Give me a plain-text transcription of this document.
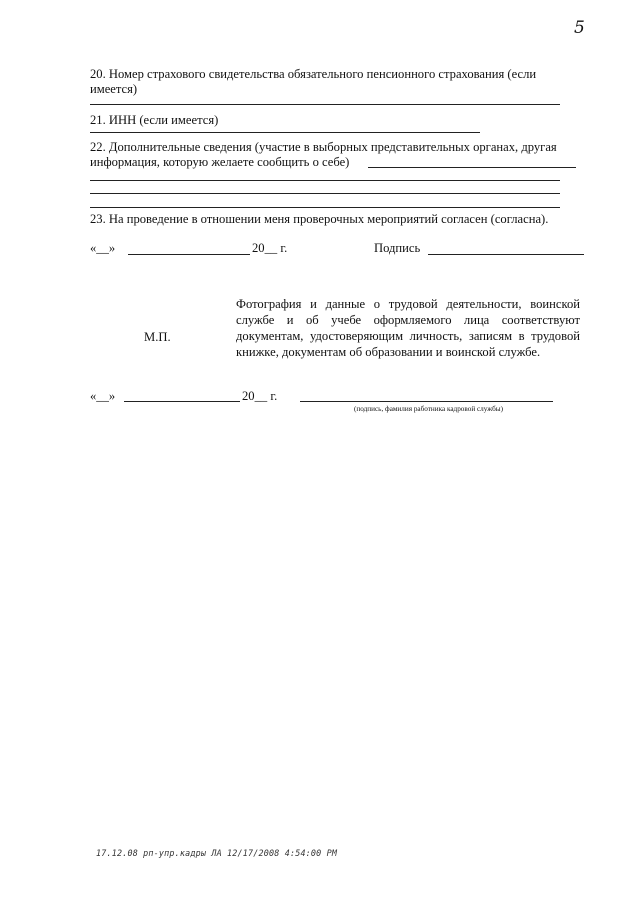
5
20. Номер страхового свидетельства обязательного пенсионного страхования (если
имеется)
21. ИНН (если имеется)
22. Дополнительные сведения (участие в выборных представительных органах, другая
информация, которую желаете сообщить о себе)
23. На проведение в отношении меня проверочных мероприятий согласен (согласна).
«__»	20__ г.	Подпись
М.П.
Фотография и данные о трудовой деятельности, воинской службе и об учебе оформляемого лица соответствуют документам, удостоверяющим личность, записям в трудовой книжке, документам об образовании и воинской службе.
«__»	20__ г.
(подпись, фамилия работника кадровой службы)
17.12.08 рп-упр.кадры ЛА 12/17/2008 4:54:00 PM
